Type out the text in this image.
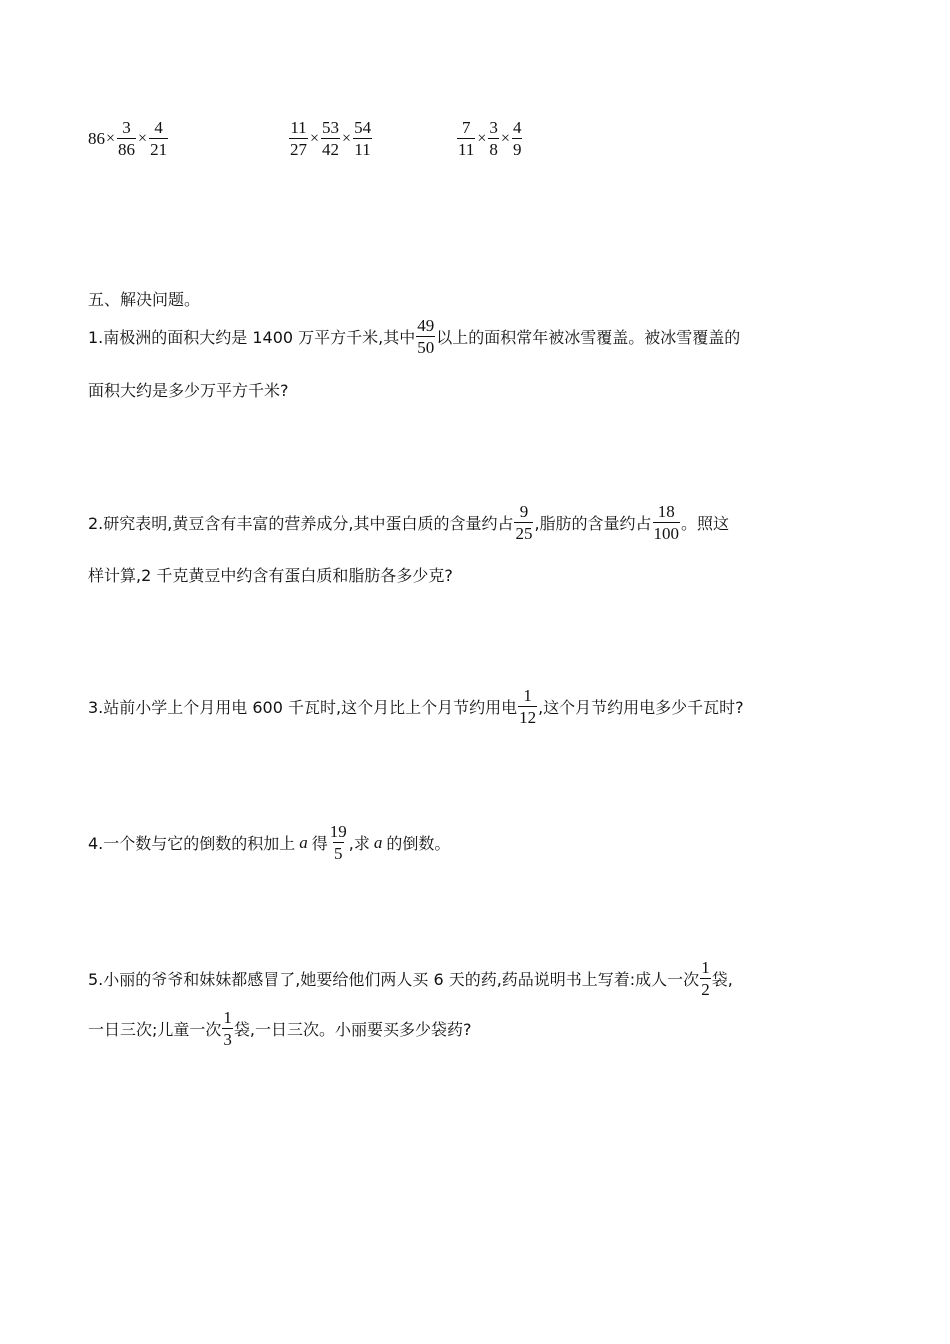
$86 \times \frac{3}{86} \times \frac{4}{21}$	$\frac{11}{27} \times \frac{53}{42} \times \frac{54}{11}$	$\frac{7}{11} \times \frac{3}{8} \times \frac{4}{9}$
五、解决问题。
1.南极洲的面积大约是 1400 万平方千米,其中 $\frac{49}{50}$ 以上的面积常年被冰雪覆盖。被冰雪覆盖的
面积大约是多少万平方千米?
2.研究表明,黄豆含有丰富的营养成分,其中蛋白质的含量约占 $\frac{9}{25}$ ,脂肪的含量约占 $\frac{18}{100}$ 。照这
样计算,2 千克黄豆中约含有蛋白质和脂肪各多少克?
3.站前小学上个月用电 600 千瓦时,这个月比上个月节约用电 $\frac{1}{12}$ ,这个月节约用电多少千瓦时?
4.一个数与它的倒数的积加上 a 得 $\frac{19}{5}$ ,求 a 的倒数。
5.小丽的爷爷和妹妹都感冒了,她要给他们两人买 6 天的药,药品说明书上写着:成人一次 $\frac{1}{2}$ 袋,
一日三次;儿童一次 $\frac{1}{3}$ 袋,一日三次。小丽要买多少袋药?
